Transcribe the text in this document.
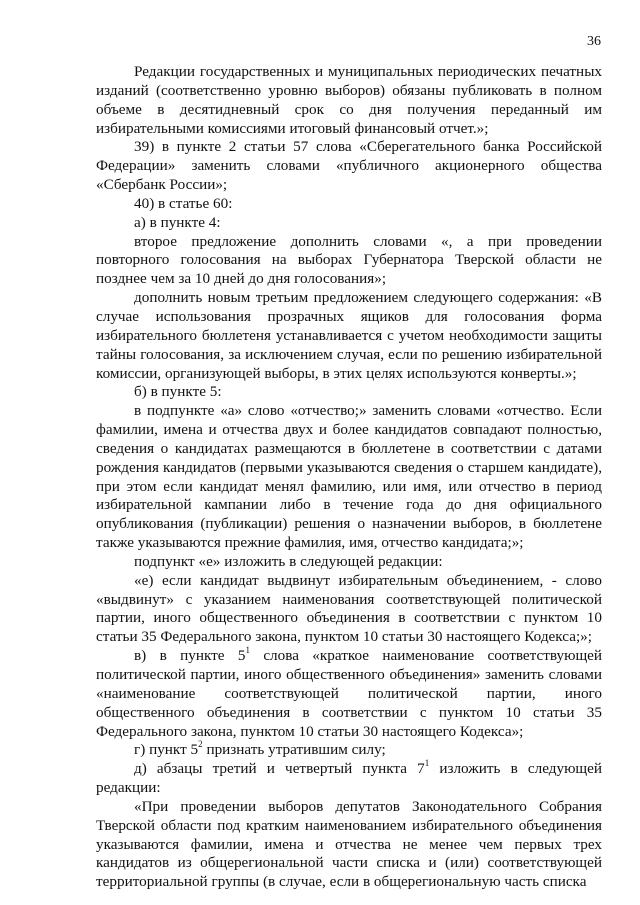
36

Редакции государственных и муниципальных периодических печатных изданий (соответственно уровню выборов) обязаны публиковать в полном объеме в десятидневный срок со дня получения переданный им избирательными комиссиями итоговый финансовый отчет.»;

39) в пункте 2 статьи 57 слова «Сберегательного банка Российской Федерации» заменить словами «публичного акционерного общества «Сбербанк России»;

40) в статье 60:

а) в пункте 4:

второе предложение дополнить словами «, а при проведении повторного голосования на выборах Губернатора Тверской области не позднее чем за 10 дней до дня голосования»;

дополнить новым третьим предложением следующего содержания: «В случае использования прозрачных ящиков для голосования форма избирательного бюллетеня устанавливается с учетом необходимости защиты тайны голосования, за исключением случая, если по решению избирательной комиссии, организующей выборы, в этих целях используются конверты.»;

б) в пункте 5:

в подпункте «а» слово «отчество;» заменить словами «отчество. Если фамилии, имена и отчества двух и более кандидатов совпадают полностью, сведения о кандидатах размещаются в бюллетене в соответствии с датами рождения кандидатов (первыми указываются сведения о старшем кандидате), при этом если кандидат менял фамилию, или имя, или отчество в период избирательной кампании либо в течение года до дня официального опубликования (публикации) решения о назначении выборов, в бюллетене также указываются прежние фамилия, имя, отчество кандидата;»;

подпункт «е» изложить в следующей редакции:

«е) если кандидат выдвинут избирательным объединением, - слово «выдвинут» с указанием наименования соответствующей политической партии, иного общественного объединения в соответствии с пунктом 10 статьи 35 Федерального закона, пунктом 10 статьи 30 настоящего Кодекса;»;

в) в пункте $5^1$ слова «краткое наименование соответствующей политической партии, иного общественного объединения» заменить словами «наименование соответствующей политической партии, иного общественного объединения в соответствии с пунктом 10 статьи 35 Федерального закона, пунктом 10 статьи 30 настоящего Кодекса»;

г) пункт $5^2$ признать утратившим силу;

д) абзацы третий и четвертый пункта $7^1$ изложить в следующей редакции:

«При проведении выборов депутатов Законодательного Собрания Тверской области под кратким наименованием избирательного объединения указываются фамилии, имена и отчества не менее чем первых трех кандидатов из общерегиональной части списка и (или) соответствующей территориальной группы (в случае, если в общерегиональную часть списка
